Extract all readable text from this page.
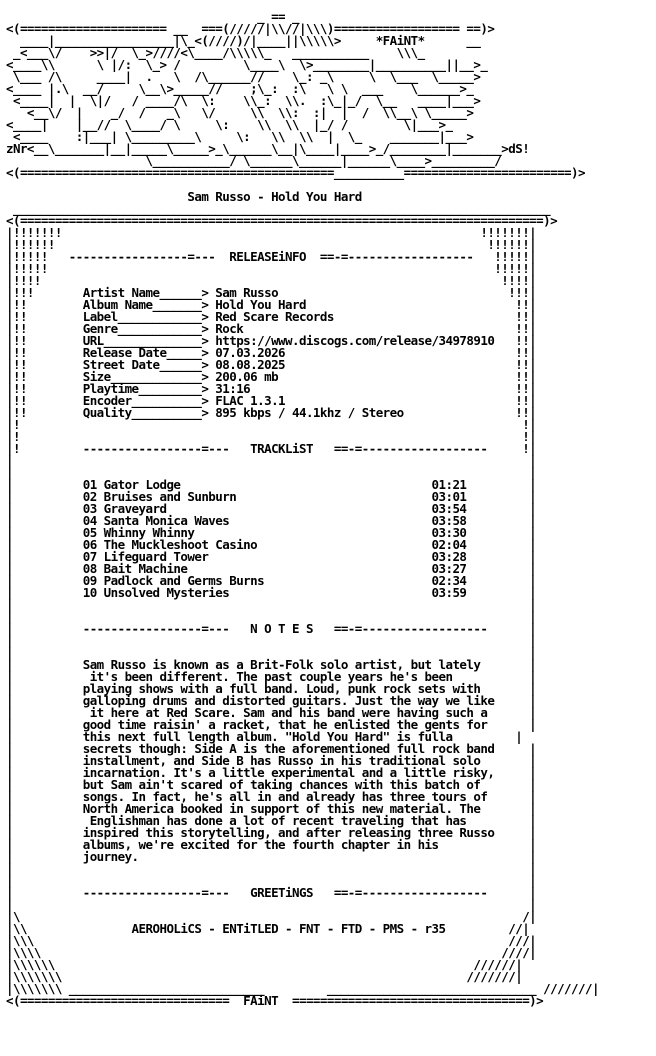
_ == _
<(===================== __  ===(/////|\\//|\\\)================== ==)>
____|_________________|\_<(////)/|____||\\\\\>     *FAiNT*      __
_<___\/    >>|/  \_>////<\____/\\\\\_   ___________    \\\_
<____\\      \ |/:  \_> /         \____\  \>________|__________||__>_
\___ /\     ____|  .   \  /\______//    \_: _\     \  \___  \_____>
<____ |.\  __/     \__\>_____//    ;\_:  :\   \ \  ___    \______>_
<____|  |  \|/   / ____/\  \:    \\_:  \\.  :\_|_/  \__   ____|___>
<__\/  |    _/  /   _\   \/     \\  \\:  :|  |  /  \\__\ \_____>
<____|    |__//  \____/ \     \:    \\  \\  |_/ /        \|___>_
<____    :|___| \_________\     \:   \\  \\  |  \_    _______|___>
zNr<__\_______|__|_____\_____>_\______\__|\____|____>_/________|_______>dS!
\___________/ \______\______|______\____>_________/
<(=============================================__________========================)>
Sam Russo - Hold You Hard
_____________________________________________________________________________
<(===========================================================================)>
|!!!!!!!                                                            !!!!!!!|
|!!!!!!                                                              !!!!!!|
|!!!!!   -----------------=---  RELEASEiNFO  ==-=------------------   !!!!!|
|!!!!!                                                                !!!!!|
|!!!!                                                                  !!!!|
|!!!       Artist Name______> Sam Russo                                 !!!|
|!!        Album Name_______> Hold You Hard                              !!|
|!!        Label____________> Red Scare Records                          !!|
|!!        Genre____________> Rock                                       !!|
|!!        URL______________> https://www.discogs.com/release/34978910   !!|
|!!        Release Date_____> 07.03.2026                                 !!|
|!!        Street Date______> 08.08.2025                                 !!|
|!!        Size_____________> 200.06 mb                                  !!|
|!!        Playtime_________> 31:16                                      !!|
|!!        Encoder__________> FLAC 1.3.1                                 !!|
|!!        Quality__________> 895 kbps / 44.1khz / Stereo                !!|
|!                                                                        !|
|!                                                                        !|
|!         -----------------=---   TRACKLiST   ==-=------------------     !|
|                                                                          |
|                                                                          |
|          01 Gator Lodge                                    01:21         |
|          02 Bruises and Sunburn                            03:01         |
|          03 Graveyard                                      03:54         |
|          04 Santa Monica Waves                             03:58         |
|          05 Whinny Whinny                                  03:30         |
|          06 The Muckleshoot Casino                         02:04         |
|          07 Lifeguard Tower                                03:28         |
|          08 Bait Machine                                   03:27         |
|          09 Padlock and Germs Burns                        02:34         |
|          10 Unsolved Mysteries                             03:59         |
|                                                                          |
|                                                                          |
|          -----------------=---   N O T E S   ==-=------------------      |
|                                                                          |
|                                                                          |
|          Sam Russo is known as a Brit-Folk solo artist, but lately       |
|           it's been different. The past couple years he's been           |
|          playing shows with a full band. Loud, punk rock sets with       |
|          galloping drums and distorted guitars. Just the way we like     |
|           it here at Red Scare. Sam and his band were having such a      |
|          good time raisin' a racket, that he enlisted the gents for      |
|          this next full length album. "Hold You Hard" is fulla         |
|          secrets though: Side A is the aforementioned full rock band     |
|          installment, and Side B has Russo in his traditional solo       |
|          incarnation. It's a little experimental and a little risky,     |
|          but Sam ain't scared of taking chances with this batch of       |
|          songs. In fact, he's all in and already has three tours of      |
|          North America booked in support of this new material. The       |
|           Englishman has done a lot of recent traveling that has         |
|          inspired this storytelling, and after releasing three Russo     |
|          albums, we're excited for the fourth chapter in his             |
|          journey.                                                        |
|                                                                          |
|                                                                          |
|          -----------------=---   GREETiNGS   ==-=------------------      |
|                                                                          |
|\                                                                        /|
|\\               AEROHOLiCS - ENTiTLED - FNT - FTD - PMS - r35         //|
|\\\                                                                    ///|
|\\\\                                                                  ////|
|\\\\\\                                                            //////|
|\\\\\\\                                                          ///////|
|\\\\\\\ ____________________________         ______________________________ ///////|
<(==============================  FAiNT  ==================================)>
